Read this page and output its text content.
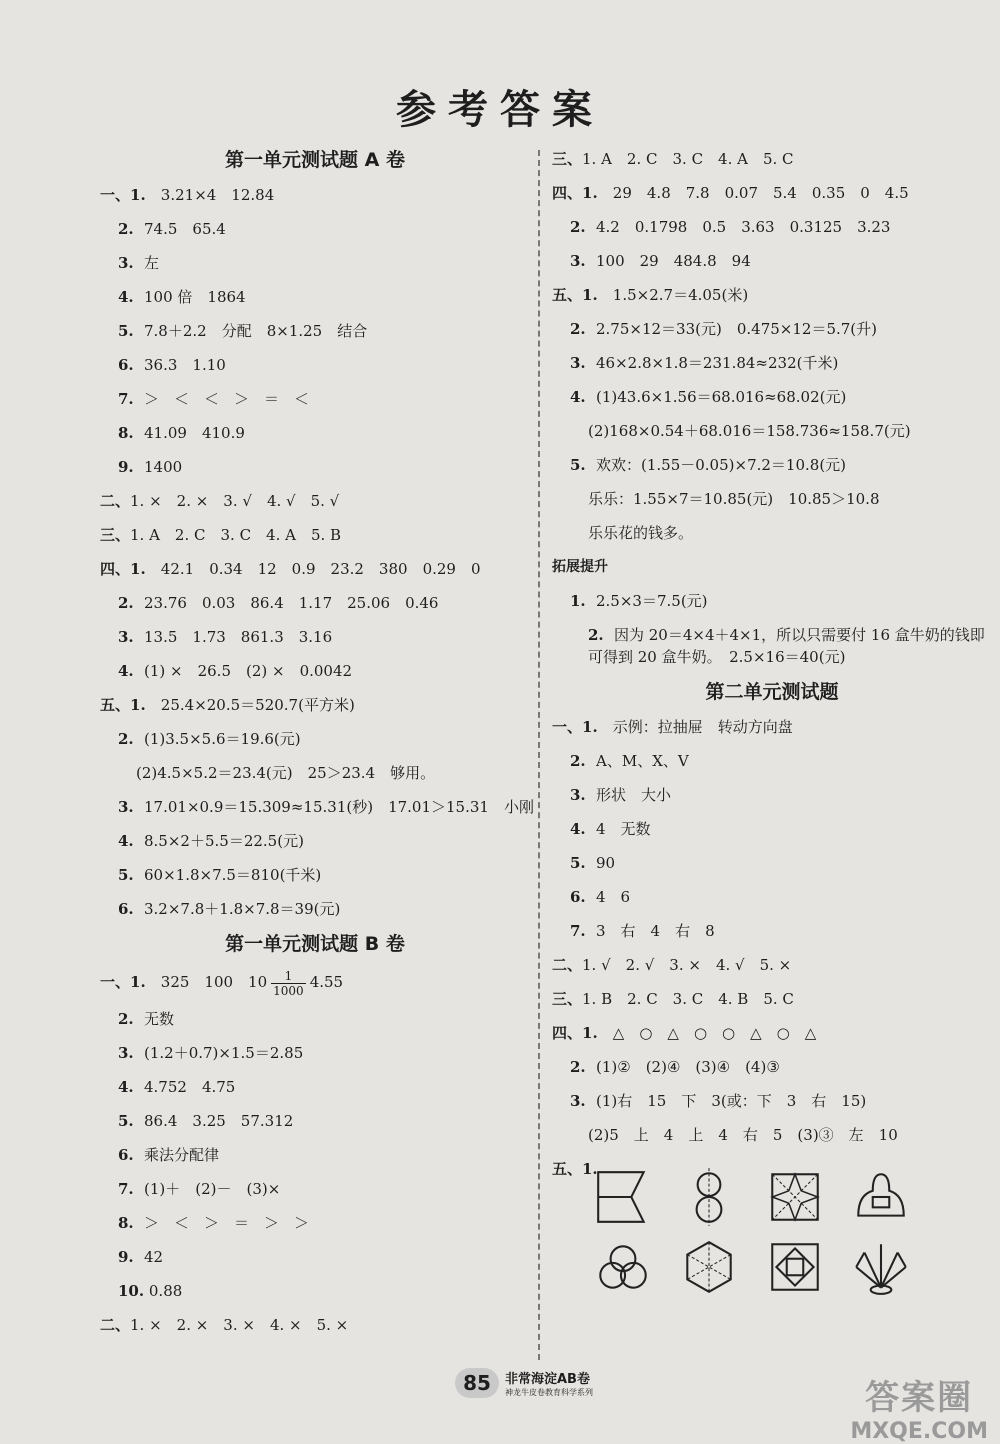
参考答案
第一单元测试题 A 卷
一、1. 3.21×4　12.84
2. 74.5　65.4
3. 左
4. 100 倍　1864
5. 7.8＋2.2　分配　8×1.25　结合
6. 36.3　1.10
7. ＞　＜　＜　＞　＝　＜
8. 41.09　410.9
9. 1400
二、1. ×　2. ×　3. √　4. √　5. √
三、1. A　2. C　3. C　4. A　5. B
四、1. 42.1　0.34　12　0.9　23.2　380　0.29　0
2. 23.76　0.03　86.4　1.17　25.06　0.46
3. 13.5　1.73　861.3　3.16
4. (1) ×　26.5　(2) ×　0.0042
五、1. 25.4×20.5＝520.7(平方米)
2. (1)3.5×5.6＝19.6(元)
(2)4.5×5.2＝23.4(元)　25＞23.4　够用。
3. 17.01×0.9＝15.309≈15.31(秒)　17.01＞15.31　小刚
4. 8.5×2＋5.5＝22.5(元)
5. 60×1.8×7.5＝810(千米)
6. 3.2×7.8＋1.8×7.8＝39(元)
第一单元测试题 B 卷
一、1. 325　100　$10 \frac{1}{1000} 4.55$
2. 无数
3. (1.2＋0.7)×1.5＝2.85
4. 4.752　4.75
5. 86.4　3.25　57.312
6. 乘法分配律
7. (1)＋　(2)－　(3)×
8. ＞　＜　＞　＝　＞　＞
9. 42
10. 0.88
二、1. ×　2. ×　3. ×　4. ×　5. ×
三、1. A　2. C　3. C　4. A　5. C
四、1. 29　4.8　7.8　0.07　5.4　0.35　0　4.5
2. 4.2　0.1798　0.5　3.63　0.3125　3.23
3. 100　29　484.8　94
五、1. 1.5×2.7＝4.05(米)
2. 2.75×12＝33(元)　0.475×12＝5.7(升)
3. 46×2.8×1.8＝231.84≈232(千米)
4. (1)43.6×1.56＝68.016≈68.02(元)
(2)168×0.54＋68.016＝158.736≈158.7(元)
5. 欢欢：(1.55－0.05)×7.2＝10.8(元)
乐乐：1.55×7＝10.85(元)　10.85＞10.8
乐乐花的钱多。
拓展提升
1. 2.5×3＝7.5(元)
2. 因为 20＝4×4＋4×1，所以只需要付 16 盒牛奶的钱即可得到 20 盒牛奶。　2.5×16＝40(元)
第二单元测试题
一、1. 示例：拉抽屉　转动方向盘
2. A、M、X、V
3. 形状　大小
4. 4　无数
5. 90
6. 4　6
7. 3　右　4　右　8
二、1. √　2. √　3. ×　4. √　5. ×
三、1. B　2. C　3. C　4. B　5. C
四、1. △　○　△　○　○　△　○　△
2. (1)②　(2)④　(3)④　(4)③
3. (1)右　15　下　3(或：下　3　右　15)
(2)5　上　4　上　4　右　5　(3)③　左　10
五、1.
85	非常海淀AB卷
神龙牛皮卷教育科学系列	答案圈
MXQE.COM
